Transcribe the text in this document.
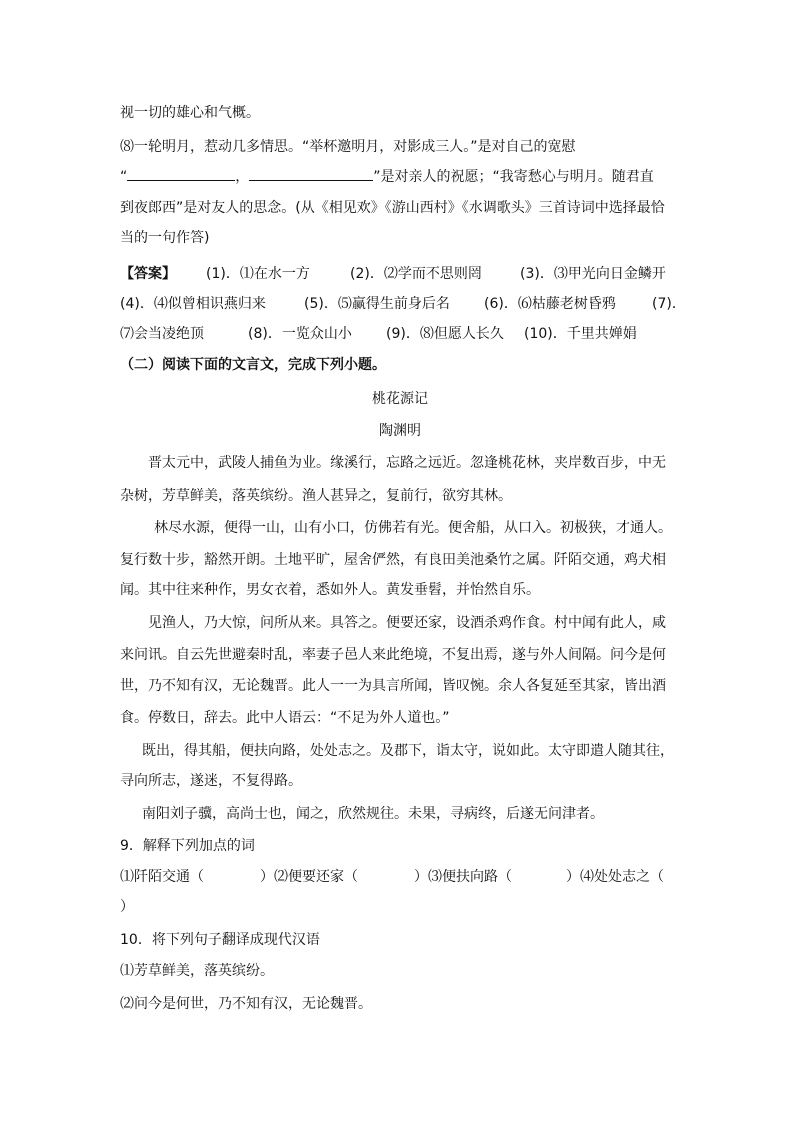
视一切的雄心和气概。
⑻一轮明月，惹动几多情思。“举杯邀明月，对影成三人。”是对自己的宽慰
“	，	”是对亲人的祝愿；“我寄愁心与明月。随君直
到夜郎西”是对友人的思念。(从《相见欢》《游山西村》《水调歌头》三首诗词中选择最恰
当的一句作答)
【答案】 (1)．⑴在水一方	(2)．⑵学而不思则罔	(3)．⑶甲光向日金鳞开
(4)．⑷似曾相识燕归来	(5)．⑸赢得生前身后名 (6)．⑹枯藤老树昏鸦	(7)．
⑺会当凌绝顶	(8)．一览众山小 (9)．⑻但愿人长久 (10)．千里共婵娟
（二）阅读下面的文言文，完成下列小题。
桃花源记
陶渊明
晋太元中，武陵人捕鱼为业。缘溪行，忘路之远近。忽逢桃花林，夹岸数百步，中无
杂树，芳草鲜美，落英缤纷。渔人甚异之，复前行，欲穷其林。
林尽水源，便得一山，山有小口，仿佛若有光。便舍船，从口入。初极狭，才通人。
复行数十步，豁然开朗。土地平旷，屋舍俨然，有良田美池桑竹之属。阡陌交通，鸡犬相
闻。其中往来种作，男女衣着，悉如外人。黄发垂髫，并怡然自乐。
见渔人，乃大惊，问所从来。具答之。便要还家，设酒杀鸡作食。村中闻有此人，咸
来问讯。自云先世避秦时乱，率妻子邑人来此绝境，不复出焉，遂与外人间隔。问今是何
世，乃不知有汉，无论魏晋。此人一一为具言所闻，皆叹惋。余人各复延至其家，皆出酒
食。停数日，辞去。此中人语云：“不足为外人道也。”
既出，得其船，便扶向路，处处志之。及郡下，诣太守，说如此。太守即遣人随其往，
寻向所志，遂迷，不复得路。
南阳刘子骥，高尚士也，闻之，欣然规往。未果，寻病终，后遂无问津者。
9．解释下列加点的词
⑴阡陌交通（	）⑵便要还家（	）⑶便扶向路（	）⑷处处志之（
）
10．将下列句子翻译成现代汉语
⑴芳草鲜美，落英缤纷。
⑵问今是何世，乃不知有汉，无论魏晋。
